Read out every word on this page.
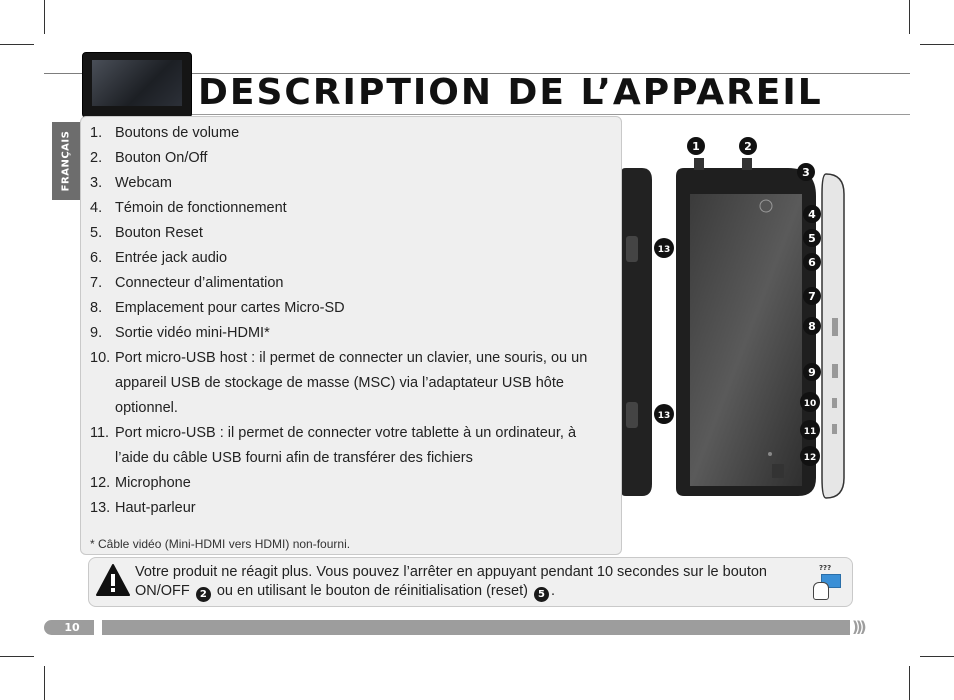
DESCRIPTION DE L’APPAREIL
FRANÇAIS 1. Boutons de volume
2. Bouton On/Off
3. Webcam
4. Témoin de fonctionnement
5. Bouton Reset
6. Entrée jack audio
7. Connecteur d’alimentation
8. Emplacement pour cartes Micro-SD
9. Sortie vidéo mini-HDMI*
10. Port micro-USB host : il permet de connecter un clavier, une souris, ou un appareil USB de stockage de masse (MSC) via l’adaptateur USB hôte optionnel.
11. Port micro-USB : il permet de connecter votre tablette à un ordinateur, à l’aide du câble USB fourni afin de transférer des fichiers
12. Microphone
13. Haut-parleur
* Câble vidéo (Mini-HDMI vers HDMI) non-fourni.
1	2
3
4
5
6
7
8
9
10
11
12
13
13
Votre produit ne réagit plus. Vous pouvez l’arrêter en appuyant pendant 10 secondes sur le bouton ON/OFF 2 ou en utilisant le bouton de réinitialisation (reset) 5 .
???
10	)))
